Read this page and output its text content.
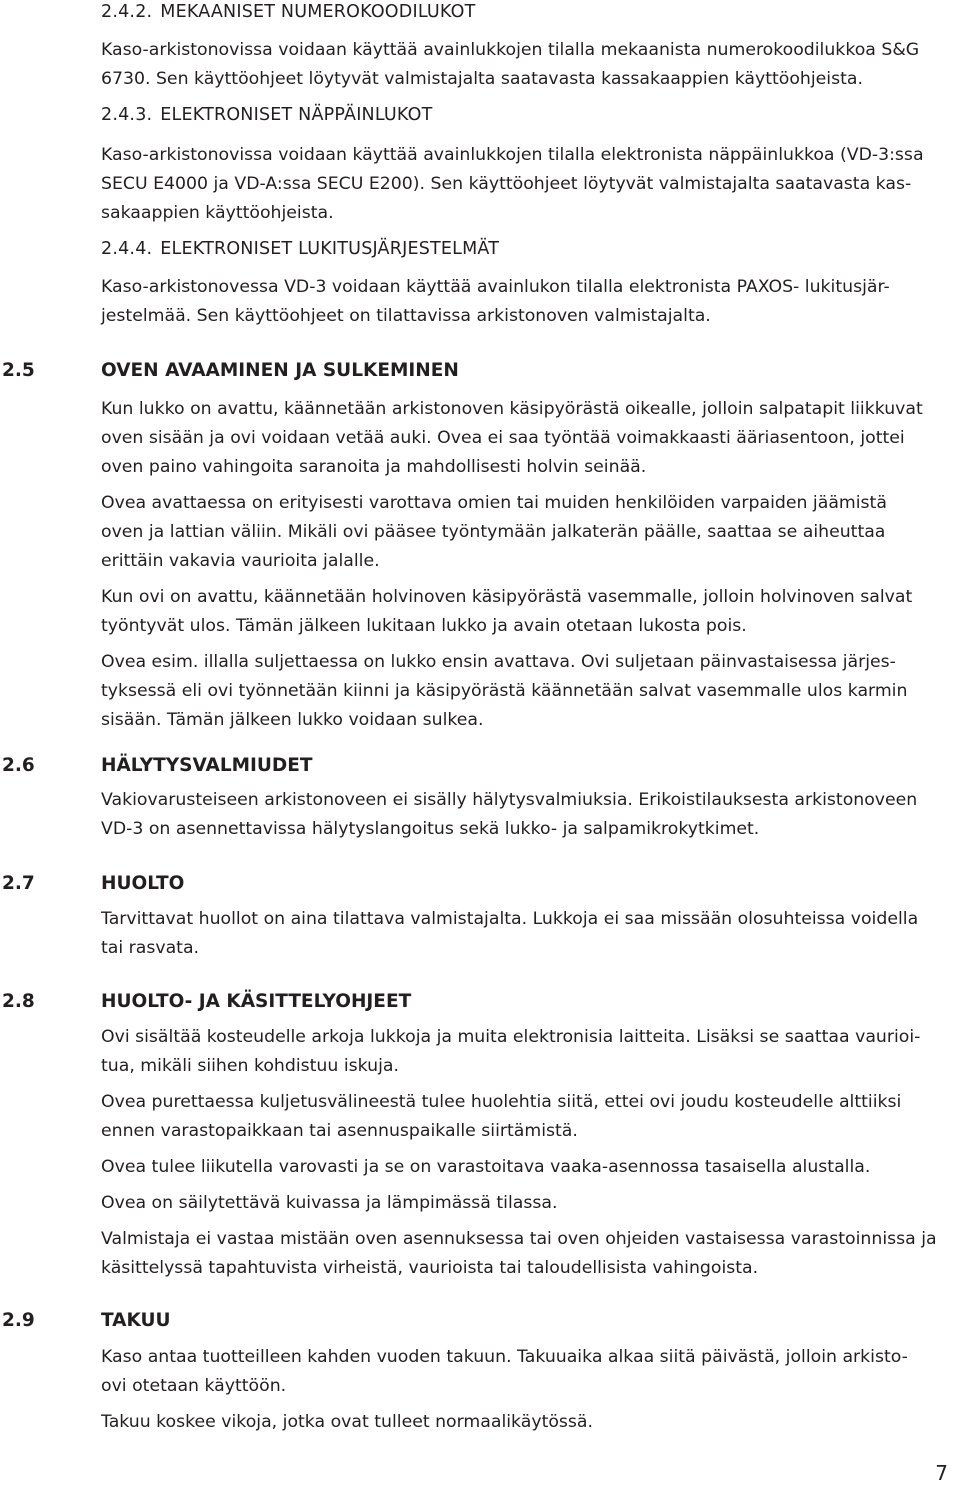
2.4.2. MEKAANISET NUMEROKOODILUKOT

Kaso-arkistonovissa voidaan käyttää avainlukkojen tilalla mekaanista numerokoodilukkoa S&G
6730. Sen käyttöohjeet löytyvät valmistajalta saatavasta kassakaappien käyttöohjeista.

2.4.3. ELEKTRONISET NÄPPÄINLUKOT

Kaso-arkistonovissa voidaan käyttää avainlukkojen tilalla elektronista näppäinlukkoa (VD-3:ssa
SECU E4000 ja VD-A:ssa SECU E200). Sen käyttöohjeet löytyvät valmistajalta saatavasta kas-
sakaappien käyttöohjeista.

2.4.4. ELEKTRONISET LUKITUSJÄRJESTELMÄT

Kaso-arkistonovessa VD-3 voidaan käyttää avainlukon tilalla elektronista PAXOS- lukitusjär-
jestelmää. Sen käyttöohjeet on tilattavissa arkistonoven valmistajalta.

2.5	OVEN AVAAMINEN JA SULKEMINEN

Kun lukko on avattu, käännetään arkistonoven käsipyörästä oikealle, jolloin salpatapit liikkuvat
oven sisään ja ovi voidaan vetää auki. Ovea ei saa työntää voimakkaasti ääriasentoon, jottei
oven paino vahingoita saranoita ja mahdollisesti holvin seinää.

Ovea avattaessa on erityisesti varottava omien tai muiden henkilöiden varpaiden jäämistä
oven ja lattian väliin. Mikäli ovi pääsee työntymään jalkaterän päälle, saattaa se aiheuttaa
erittäin vakavia vaurioita jalalle.

Kun ovi on avattu, käännetään holvinoven käsipyörästä vasemmalle, jolloin holvinoven salvat
työntyvät ulos. Tämän jälkeen lukitaan lukko ja avain otetaan lukosta pois.

Ovea esim. illalla suljettaessa on lukko ensin avattava. Ovi suljetaan päinvastaisessa järjes-
tyksessä eli ovi työnnetään kiinni ja käsipyörästä käännetään salvat vasemmalle ulos karmin
sisään. Tämän jälkeen lukko voidaan sulkea.

2.6	HÄLYTYSVALMIUDET

Vakiovarusteiseen arkistonoveen ei sisälly hälytysvalmiuksia. Erikoistilauksesta arkistonoveen
VD-3 on asennettavissa hälytyslangoitus sekä lukko- ja salpamikrokytkimet.

2.7	HUOLTO

Tarvittavat huollot on aina tilattava valmistajalta. Lukkoja ei saa missään olosuhteissa voidella
tai rasvata.

2.8	HUOLTO- JA KÄSITTELYOHJEET

Ovi sisältää kosteudelle arkoja lukkoja ja muita elektronisia laitteita. Lisäksi se saattaa vaurioi-
tua, mikäli siihen kohdistuu iskuja.

Ovea purettaessa kuljetusvälineestä tulee huolehtia siitä, ettei ovi joudu kosteudelle alttiiksi
ennen varastopaikkaan tai asennuspaikalle siirtämistä.

Ovea tulee liikutella varovasti ja se on varastoitava vaaka-asennossa tasaisella alustalla.

Ovea on säilytettävä kuivassa ja lämpimässä tilassa.

Valmistaja ei vastaa mistään oven asennuksessa tai oven ohjeiden vastaisessa varastoinnissa ja
käsittelyssä tapahtuvista virheistä, vaurioista tai taloudellisista vahingoista.

2.9	TAKUU

Kaso antaa tuotteilleen kahden vuoden takuun. Takuuaika alkaa siitä päivästä, jolloin arkisto-
ovi otetaan käyttöön.

Takuu koskee vikoja, jotka ovat tulleet normaalikäytössä.

7
